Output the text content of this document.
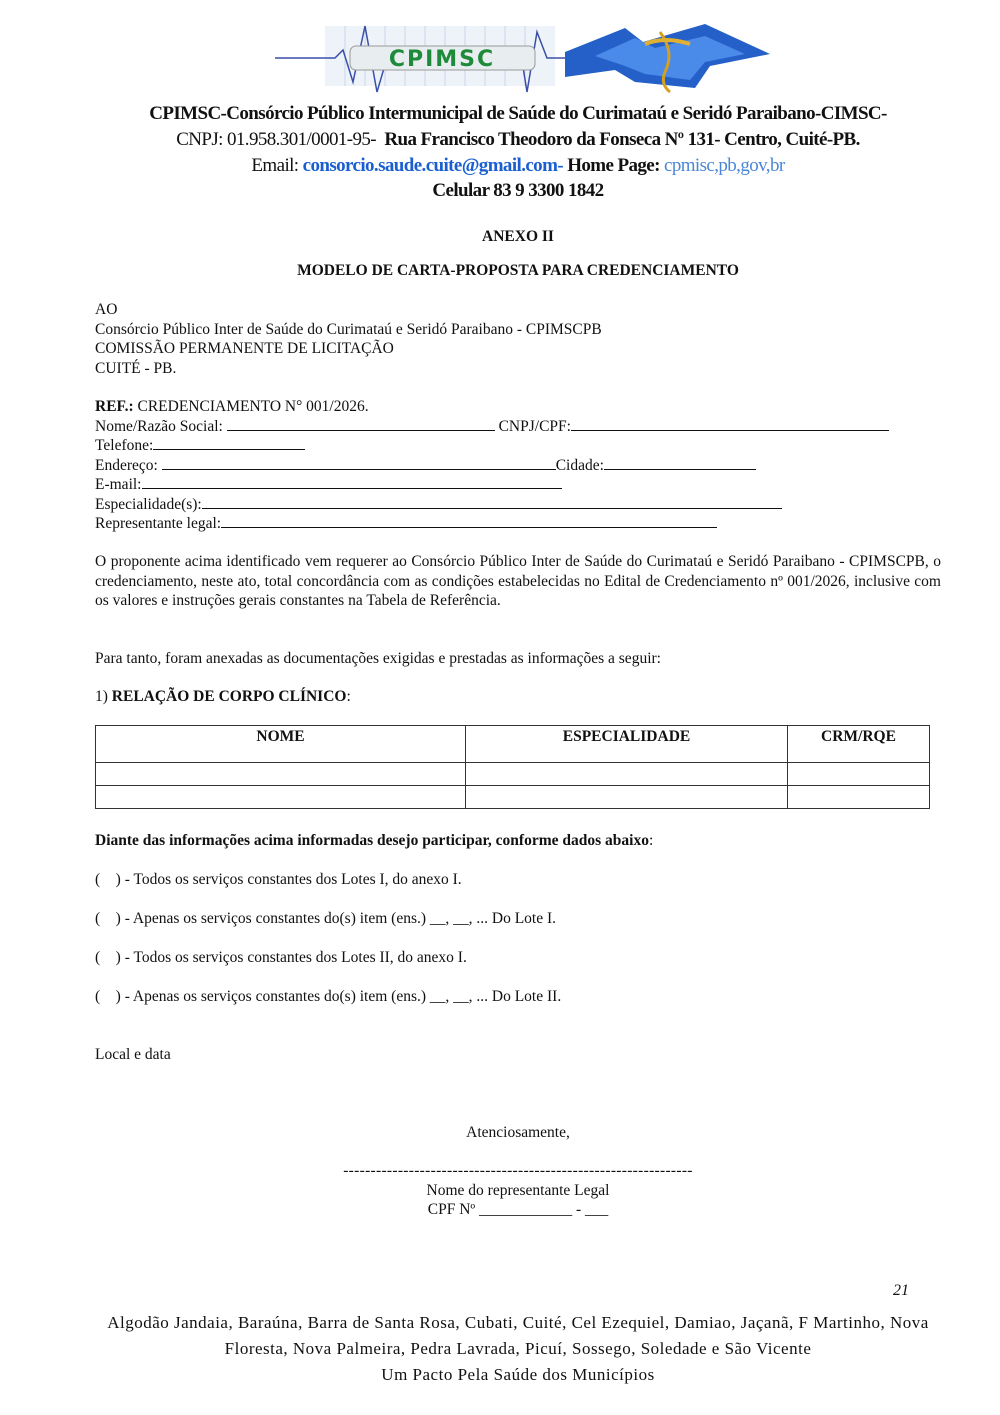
CPIMSC
CPIMSC-Consórcio Público Intermunicipal de Saúde do Curimataú e Seridó Paraibano-CIMSC-
CNPJ: 01.958.301/0001-95- Rua Francisco Theodoro da Fonseca Nº 131- Centro, Cuité-PB.
Email: consorcio.saude.cuite@gmail.com- Home Page: cpmisc,pb,gov,br
Celular 83 9 3300 1842
ANEXO II
MODELO DE CARTA-PROPOSTA PARA CREDENCIAMENTO
AO
Consórcio Público Inter de Saúde do Curimataú e Seridó Paraibano - CPIMSCPB
COMISSÃO PERMANENTE DE LICITAÇÃO
CUITÉ - PB.
REF.: CREDENCIAMENTO N° 001/2026.
Nome/Razão Social:	CNPJ/CPF:
Telefone:
Endereço:	Cidade:
E-mail:
Especialidade(s):
Representante legal:
O proponente acima identificado vem requerer ao Consórcio Público Inter de Saúde do Curimataú e Seridó Paraibano - CPIMSCPB, o credenciamento, neste ato, total concordância com as condições estabelecidas no Edital de Credenciamento nº 001/2026, inclusive com os valores e instruções gerais constantes na Tabela de Referência.
Para tanto, foram anexadas as documentações exigidas e prestadas as informações a seguir:
1) RELAÇÃO DE CORPO CLÍNICO:
NOME	ESPECIALIDADE	CRM/RQE

Diante das informações acima informadas desejo participar, conforme dados abaixo:
(    ) - Todos os serviços constantes dos Lotes I, do anexo I.
(    ) - Apenas os serviços constantes do(s) item (ens.) __, __, ... Do Lote I.
(    ) - Todos os serviços constantes dos Lotes II, do anexo I.
(    ) - Apenas os serviços constantes do(s) item (ens.) __, __, ... Do Lote II.
Local e data
Atenciosamente,
----------------------------------------------------------------
Nome do representante Legal
CPF Nº ____________ - ___
21
Algodão Jandaia, Baraúna, Barra de Santa Rosa, Cubati, Cuité, Cel Ezequiel, Damiao, Jaçanã, F Martinho, Nova
Floresta, Nova Palmeira, Pedra Lavrada, Picuí, Sossego, Soledade e São Vicente
Um Pacto Pela Saúde dos Municípios
